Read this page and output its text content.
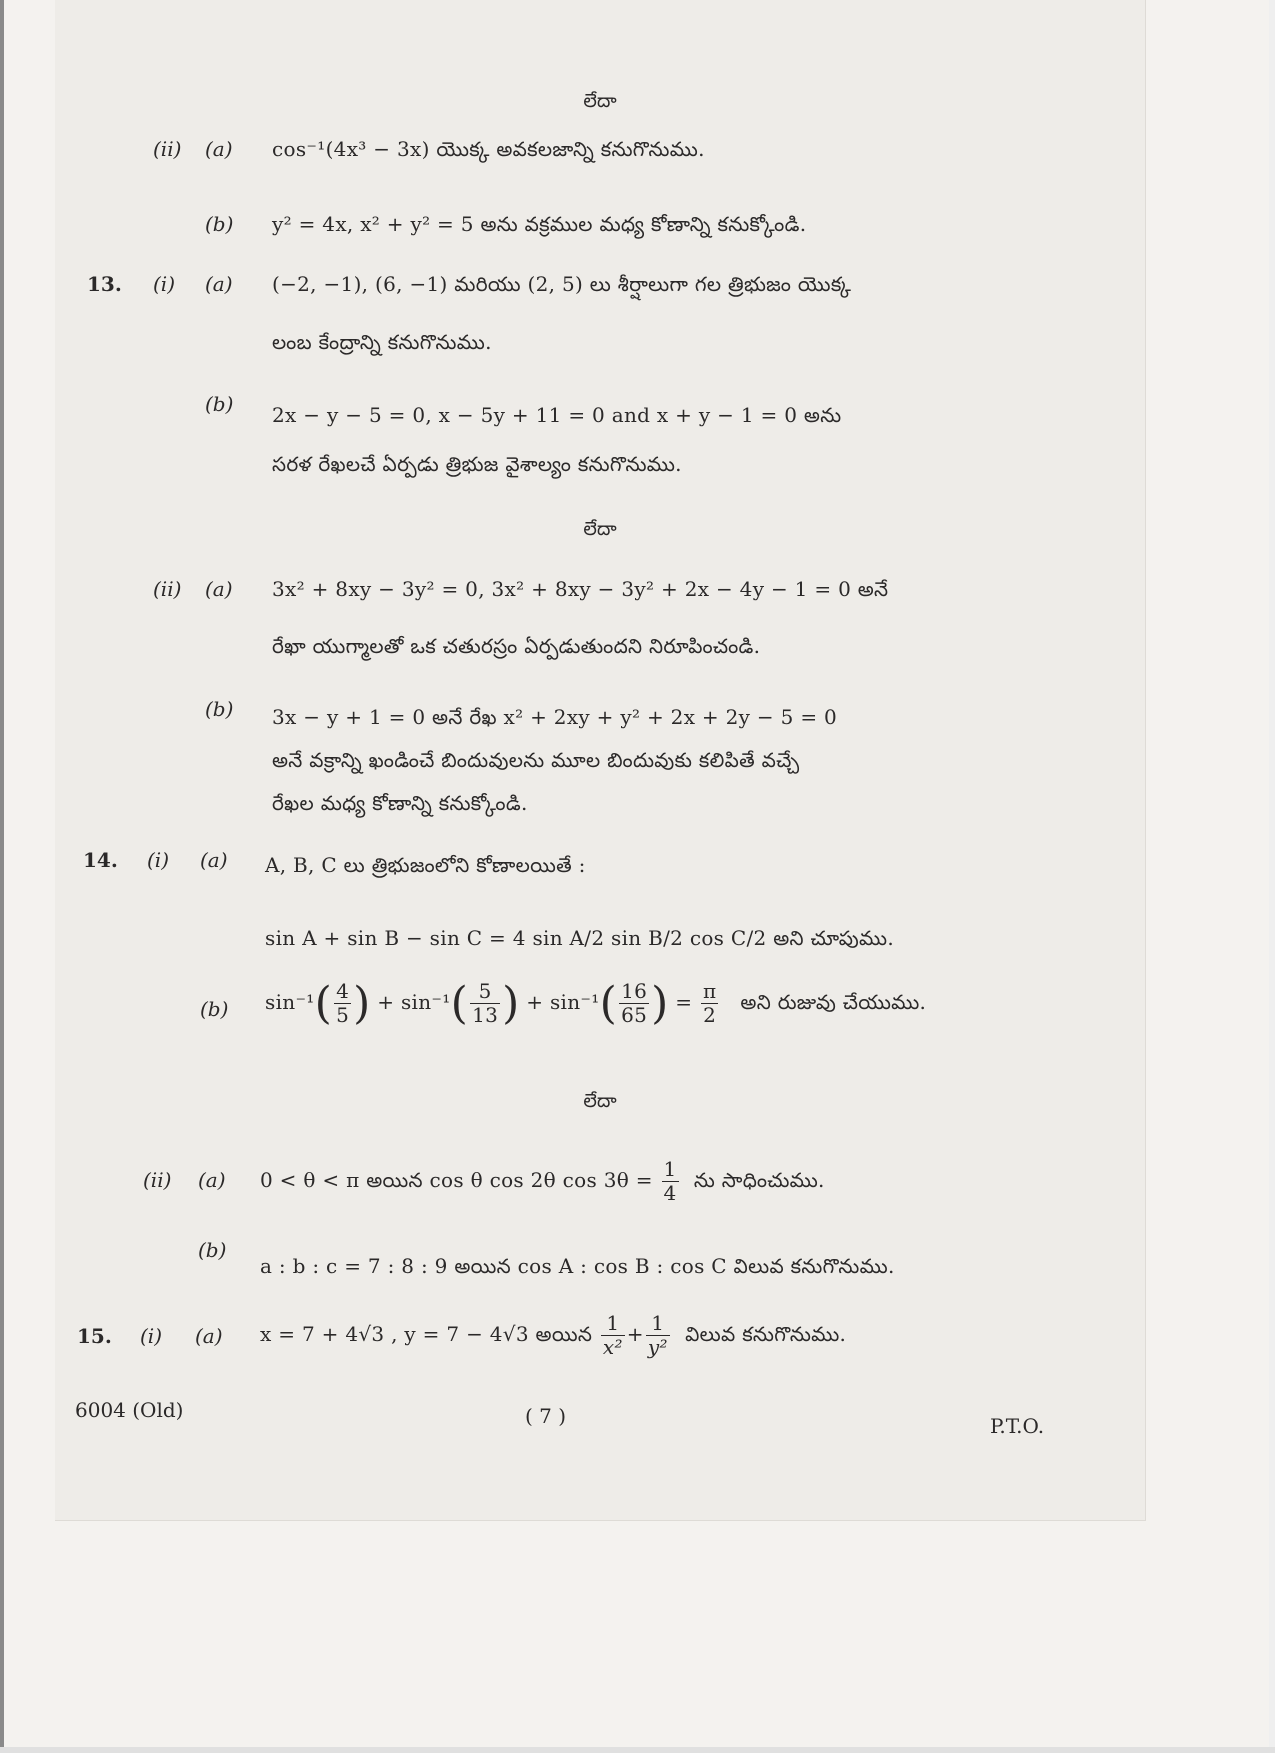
లేదా
(ii) (a) cos⁻¹(4x³ − 3x) యొక్క అవకలజాన్ని కనుగొనుము.
(b) y² = 4x, x² + y² = 5 అను వక్రముల మధ్య కోణాన్ని కనుక్కోండి.
13. (i) (a) (−2, −1), (6, −1) మరియు (2, 5) లు శీర్షాలుగా గల త్రిభుజం యొక్క
లంబ కేంద్రాన్ని కనుగొనుము.
(b) 2x − y − 5 = 0, x − 5y + 11 = 0 and x + y − 1 = 0 అను
సరళ రేఖలచే ఏర్పడు త్రిభుజ వైశాల్యం కనుగొనుము.
లేదా
(ii) (a) 3x² + 8xy − 3y² = 0, 3x² + 8xy − 3y² + 2x − 4y − 1 = 0 అనే
రేఖా యుగ్మాలతో ఒక చతురస్రం ఏర్పడుతుందని నిరూపించండి.
(b) 3x − y + 1 = 0 అనే రేఖ x² + 2xy + y² + 2x + 2y − 5 = 0
అనే వక్రాన్ని ఖండించే బిందువులను మూల బిందువుకు కలిపితే వచ్చే
రేఖల మధ్య కోణాన్ని కనుక్కోండి.
14. (i) (a) A, B, C లు త్రిభుజంలోని కోణాలయితే :
sin A + sin B − sin C = 4 sin A/2 sin B/2 cos C/2 అని చూపుము.
(b) $\sin^{-1}( \frac{4}{5}$ ) + $\sin^{-1}( \frac{5}{13}$ ) + $\sin^{-1}( \frac{16}{65}$ ) = $\frac{\pi}{2}$ అని రుజువు చేయుము.
లేదా
(ii) (a) 0 < θ < π అయిన cos θ cos 2θ $\cos 3\theta = \frac{1}{4}$ ను సాధించుము.
(b)
a : b : c = 7 : 8 : 9 అయిన cos A : cos B : cos C విలువ కనుగొనుము.
15. (i) (a) x = 7 + 4√3 , y = 7 − 4√3 అయిన $\frac{1}{\text{x²}} + \frac{1}{\text{y²}}$ విలువ కనుగొనుము.
6004 (Old)	( 7 )	P.T.O.
